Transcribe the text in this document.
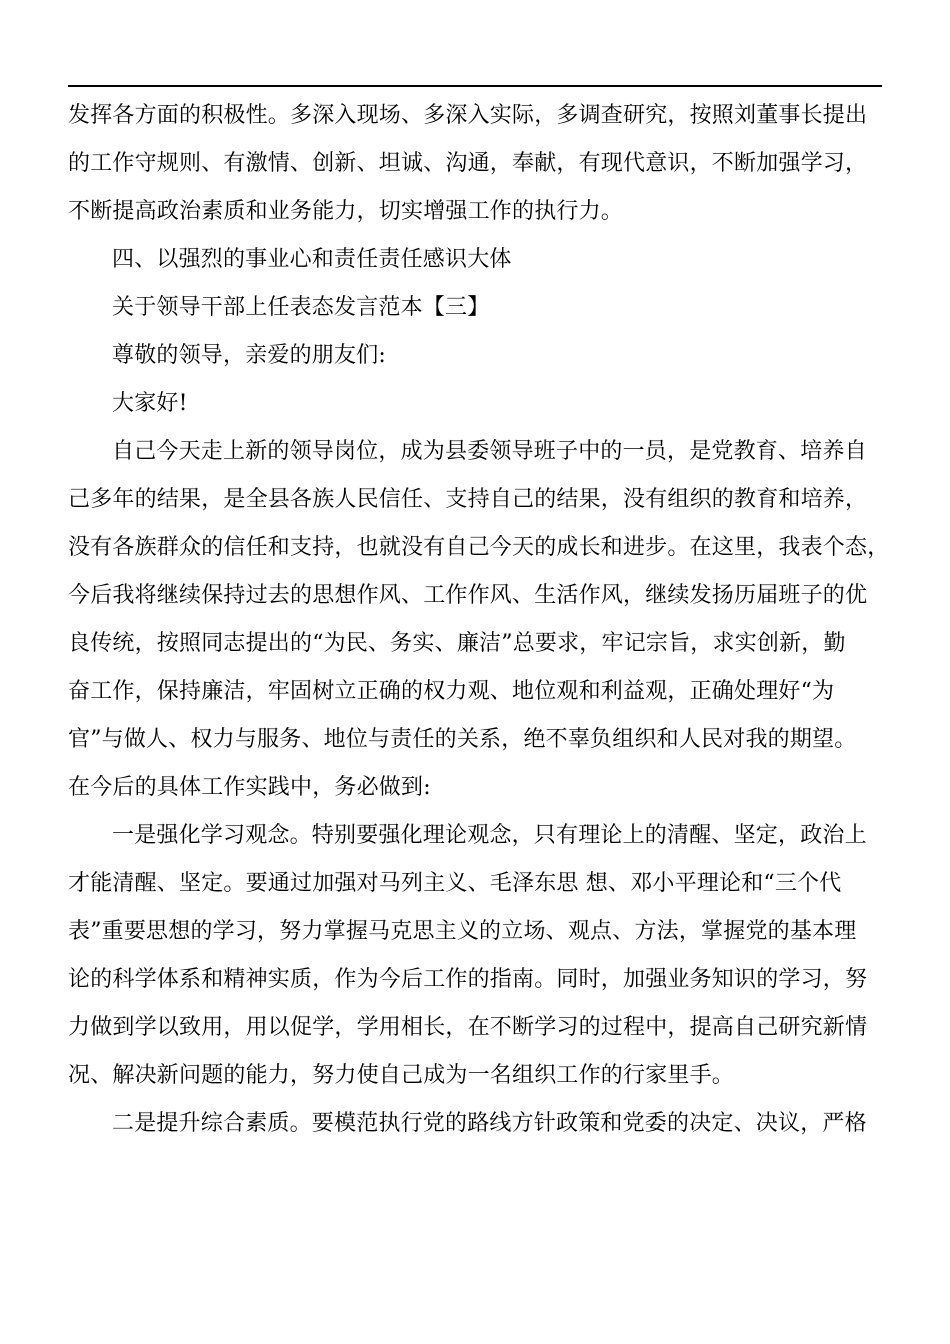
发挥各方面的积极性。多深入现场、多深入实际，多调查研究，按照刘董事长提出
的工作守规则、有激情、创新、坦诚、沟通，奉献，有现代意识，不断加强学习，
不断提高政治素质和业务能力，切实增强工作的执行力。
四、以强烈的事业心和责任责任感识大体
关于领导干部上任表态发言范本【三】
尊敬的领导，亲爱的朋友们:
大家好!
自己今天走上新的领导岗位，成为县委领导班子中的一员，是党教育、培养自
己多年的结果，是全县各族人民信任、支持自己的结果，没有组织的教育和培养，
没有各族群众的信任和支持，也就没有自己今天的成长和进步。在这里，我表个态，
今后我将继续保持过去的思想作风、工作作风、生活作风，继续发扬历届班子的优
良传统，按照同志提出的“为民、务实、廉洁”总要求，牢记宗旨，求实创新，勤
奋工作，保持廉洁，牢固树立正确的权力观、地位观和利益观，正确处理好“为
官”与做人、权力与服务、地位与责任的关系，绝不辜负组织和人民对我的期望。
在今后的具体工作实践中，务必做到:
一是强化学习观念。特别要强化理论观念，只有理论上的清醒、坚定，政治上
才能清醒、坚定。要通过加强对马列主义、毛泽东思 想、邓小平理论和“三个代
表”重要思想的学习，努力掌握马克思主义的立场、观点、方法，掌握党的基本理
论的科学体系和精神实质，作为今后工作的指南。同时，加强业务知识的学习，努
力做到学以致用，用以促学，学用相长，在不断学习的过程中，提高自己研究新情
况、解决新问题的能力，努力使自己成为一名组织工作的行家里手。
二是提升综合素质。要模范执行党的路线方针政策和党委的决定、决议，严格
